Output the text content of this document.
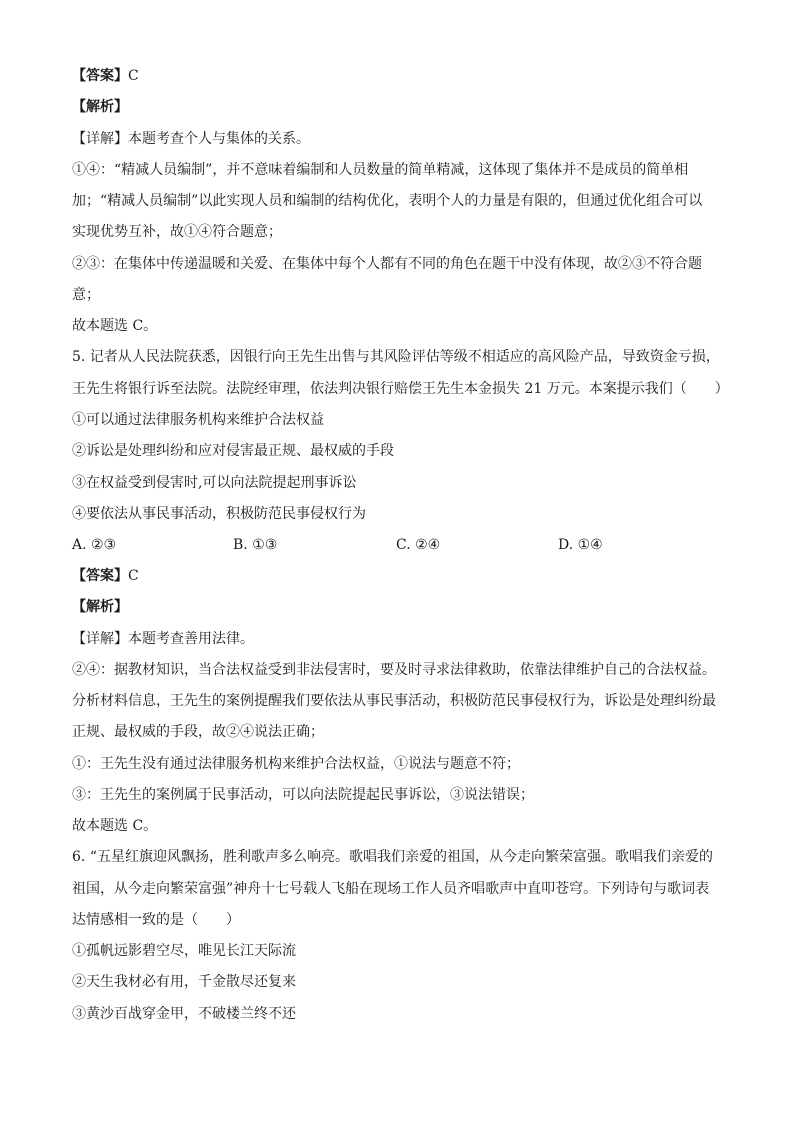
【答案】C
【解析】
【详解】本题考查个人与集体的关系。
①④：“精减人员编制”，并不意味着编制和人员数量的简单精减，这体现了集体并不是成员的简单相
加；“精减人员编制”以此实现人员和编制的结构优化，表明个人的力量是有限的，但通过优化组合可以
实现优势互补，故①④符合题意；
②③：在集体中传递温暖和关爱、在集体中每个人都有不同的角色在题干中没有体现，故②③不符合题
意；
故本题选 C。
5. 记者从人民法院获悉，因银行向王先生出售与其风险评估等级不相适应的高风险产品，导致资金亏损，
王先生将银行诉至法院。法院经审理，依法判决银行赔偿王先生本金损失 21 万元。本案提示我们（　　）
①可以通过法律服务机构来维护合法权益
②诉讼是处理纠纷和应对侵害最正规、最权威的手段
③在权益受到侵害时,可以向法院提起刑事诉讼
④要依法从事民事活动，积极防范民事侵权行为
A. ②③	B. ①③	C. ②④	D. ①④
【答案】C
【解析】
【详解】本题考查善用法律。
②④：据教材知识，当合法权益受到非法侵害时，要及时寻求法律救助，依靠法律维护自己的合法权益。
分析材料信息，王先生的案例提醒我们要依法从事民事活动，积极防范民事侵权行为，诉讼是处理纠纷最
正规、最权威的手段，故②④说法正确；
①：王先生没有通过法律服务机构来维护合法权益，①说法与题意不符；
③：王先生的案例属于民事活动，可以向法院提起民事诉讼，③说法错误；
故本题选 C。
6. “五星红旗迎风飘扬，胜利歌声多么响亮。歌唱我们亲爱的祖国，从今走向繁荣富强。歌唱我们亲爱的
祖国，从今走向繁荣富强”神舟十七号载人飞船在现场工作人员齐唱歌声中直叩苍穹。下列诗句与歌词表
达情感相一致的是（　　）
①孤帆远影碧空尽，唯见长江天际流
②天生我材必有用，千金散尽还复来
③黄沙百战穿金甲，不破楼兰终不还
